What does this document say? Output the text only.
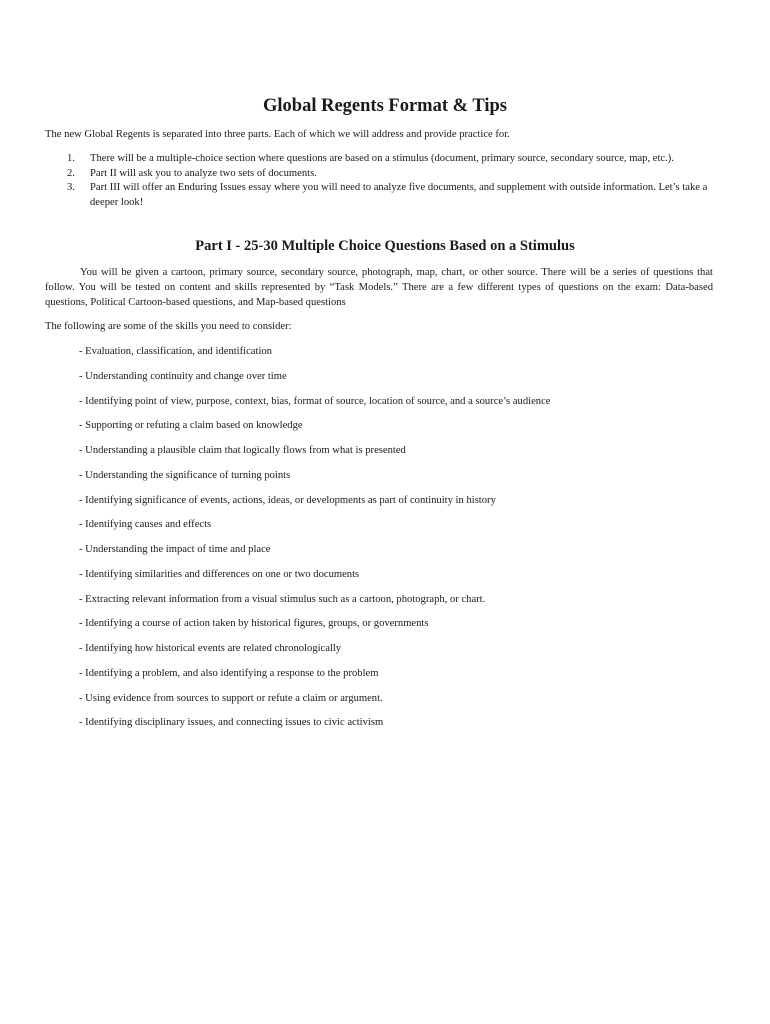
Global Regents Format & Tips
The new Global Regents is separated into three parts. Each of which we will address and provide practice for.
1. There will be a multiple-choice section where questions are based on a stimulus (document, primary source, secondary source, map, etc.).
2. Part II will ask you to analyze two sets of documents.
3. Part III will offer an Enduring Issues essay where you will need to analyze five documents, and supplement with outside information. Let’s take a deeper look!
Part I - 25-30 Multiple Choice Questions Based on a Stimulus
You will be given a cartoon, primary source, secondary source, photograph, map, chart, or other source. There will be a series of questions that follow. You will be tested on content and skills represented by “Task Models.” There are a few different types of questions on the exam: Data-based questions, Political Cartoon-based questions, and Map-based questions
The following are some of the skills you need to consider:
- Evaluation, classification, and identification
- Understanding continuity and change over time
- Identifying point of view, purpose, context, bias, format of source, location of source, and a source’s audience
- Supporting or refuting a claim based on knowledge
- Understanding a plausible claim that logically flows from what is presented
- Understanding the significance of turning points
- Identifying significance of events, actions, ideas, or developments as part of continuity in history
- Identifying causes and effects
- Understanding the impact of time and place
- Identifying similarities and differences on one or two documents
- Extracting relevant information from a visual stimulus such as a cartoon, photograph, or chart.
- Identifying a course of action taken by historical figures, groups, or governments
- Identifying how historical events are related chronologically
- Identifying a problem, and also identifying a response to the problem
- Using evidence from sources to support or refute a claim or argument.
- Identifying disciplinary issues, and connecting issues to civic activism
